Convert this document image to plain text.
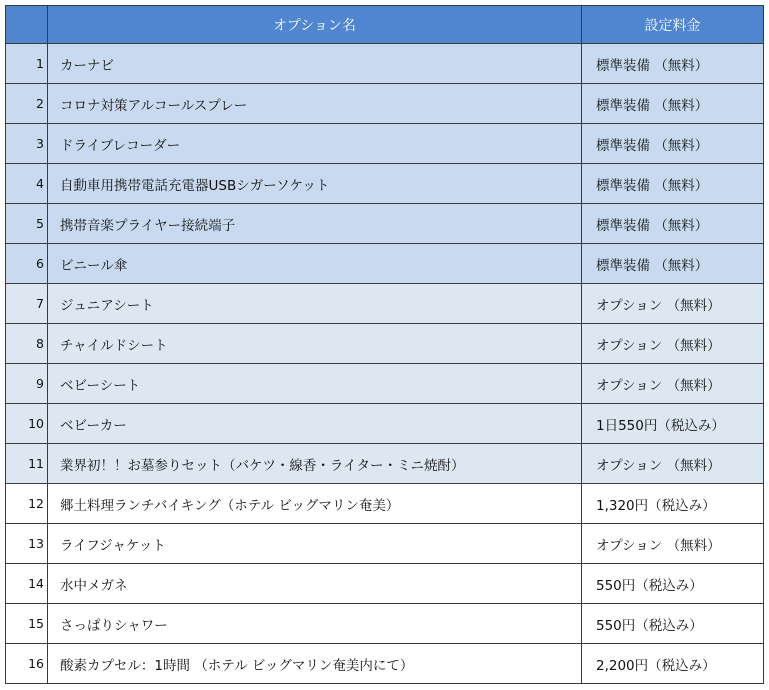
	オプション名	設定料金
1	カーナビ	標準装備 （無料）
2	コロナ対策アルコールスプレー	標準装備 （無料）
3	ドライブレコーダー	標準装備 （無料）
4	自動車用携帯電話充電器USBシガーソケット	標準装備 （無料）
5	携帯音楽プライヤー接続端子	標準装備 （無料）
6	ビニール傘	標準装備 （無料）
7	ジュニアシート	オプション （無料）
8	チャイルドシート	オプション （無料）
9	ベビーシート	オプション （無料）
10	ベビーカー	1日550円（税込み）
11	業界初！！お墓参りセット（バケツ・線香・ライター・ミニ焼酎）	オプション （無料）
12	郷土料理ランチバイキング（ホテル ビッグマリン奄美）	1,320円（税込み）
13	ライフジャケット	オプション （無料）
14	水中メガネ	550円（税込み）
15	さっぱりシャワー	550円（税込み）
16	酸素カプセル：1時間 （ホテル ビッグマリン奄美内にて）	2,200円（税込み）
